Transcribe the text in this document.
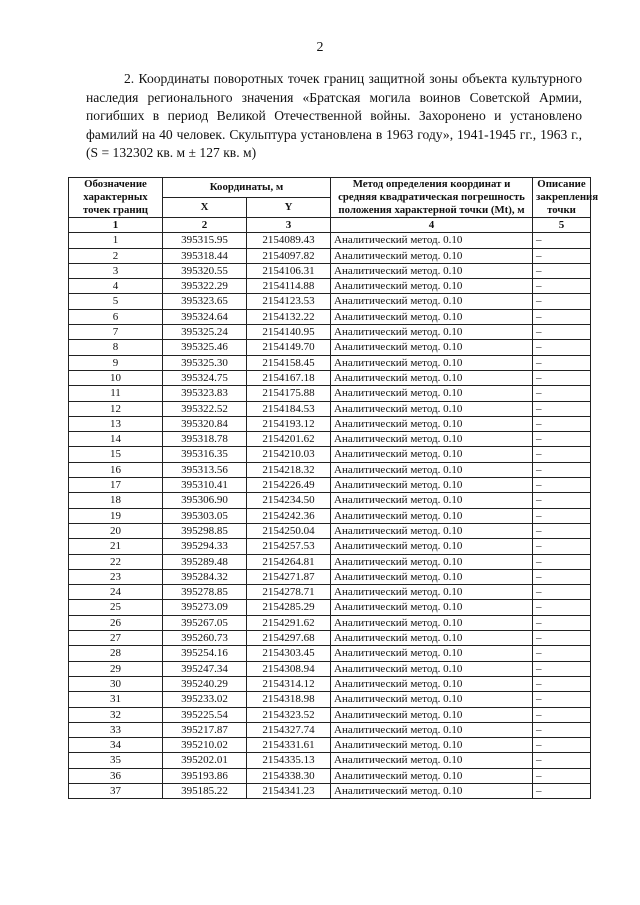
2

2. Координаты поворотных точек границ защитной зоны объекта культурного наследия регионального значения «Братская могила воинов Советской Армии, погибших в период Великой Отечественной войны. Захоронено и установлено фамилий на 40 человек. Скульптура установлена в 1963 году», 1941-1945 гг., 1963 г., (S = 132302 кв. м ± 127 кв. м)

Обозначение характерных точек границ	Координаты, м		Метод определения координат и средняя квадратическая погрешность положения характерной точки (Mt), м	Описание закрепления точки
	X	Y		
1	2	3	4	5
1	395315.95	2154089.43	Аналитический метод. 0.10	–
2	395318.44	2154097.82	Аналитический метод. 0.10	–
3	395320.55	2154106.31	Аналитический метод. 0.10	–
4	395322.29	2154114.88	Аналитический метод. 0.10	–
5	395323.65	2154123.53	Аналитический метод. 0.10	–
6	395324.64	2154132.22	Аналитический метод. 0.10	–
7	395325.24	2154140.95	Аналитический метод. 0.10	–
8	395325.46	2154149.70	Аналитический метод. 0.10	–
9	395325.30	2154158.45	Аналитический метод. 0.10	–
10	395324.75	2154167.18	Аналитический метод. 0.10	–
11	395323.83	2154175.88	Аналитический метод. 0.10	–
12	395322.52	2154184.53	Аналитический метод. 0.10	–
13	395320.84	2154193.12	Аналитический метод. 0.10	–
14	395318.78	2154201.62	Аналитический метод. 0.10	–
15	395316.35	2154210.03	Аналитический метод. 0.10	–
16	395313.56	2154218.32	Аналитический метод. 0.10	–
17	395310.41	2154226.49	Аналитический метод. 0.10	–
18	395306.90	2154234.50	Аналитический метод. 0.10	–
19	395303.05	2154242.36	Аналитический метод. 0.10	–
20	395298.85	2154250.04	Аналитический метод. 0.10	–
21	395294.33	2154257.53	Аналитический метод. 0.10	–
22	395289.48	2154264.81	Аналитический метод. 0.10	–
23	395284.32	2154271.87	Аналитический метод. 0.10	–
24	395278.85	2154278.71	Аналитический метод. 0.10	–
25	395273.09	2154285.29	Аналитический метод. 0.10	–
26	395267.05	2154291.62	Аналитический метод. 0.10	–
27	395260.73	2154297.68	Аналитический метод. 0.10	–
28	395254.16	2154303.45	Аналитический метод. 0.10	–
29	395247.34	2154308.94	Аналитический метод. 0.10	–
30	395240.29	2154314.12	Аналитический метод. 0.10	–
31	395233.02	2154318.98	Аналитический метод. 0.10	–
32	395225.54	2154323.52	Аналитический метод. 0.10	–
33	395217.87	2154327.74	Аналитический метод. 0.10	–
34	395210.02	2154331.61	Аналитический метод. 0.10	–
35	395202.01	2154335.13	Аналитический метод. 0.10	–
36	395193.86	2154338.30	Аналитический метод. 0.10	–
37	395185.22	2154341.23	Аналитический метод. 0.10	–
